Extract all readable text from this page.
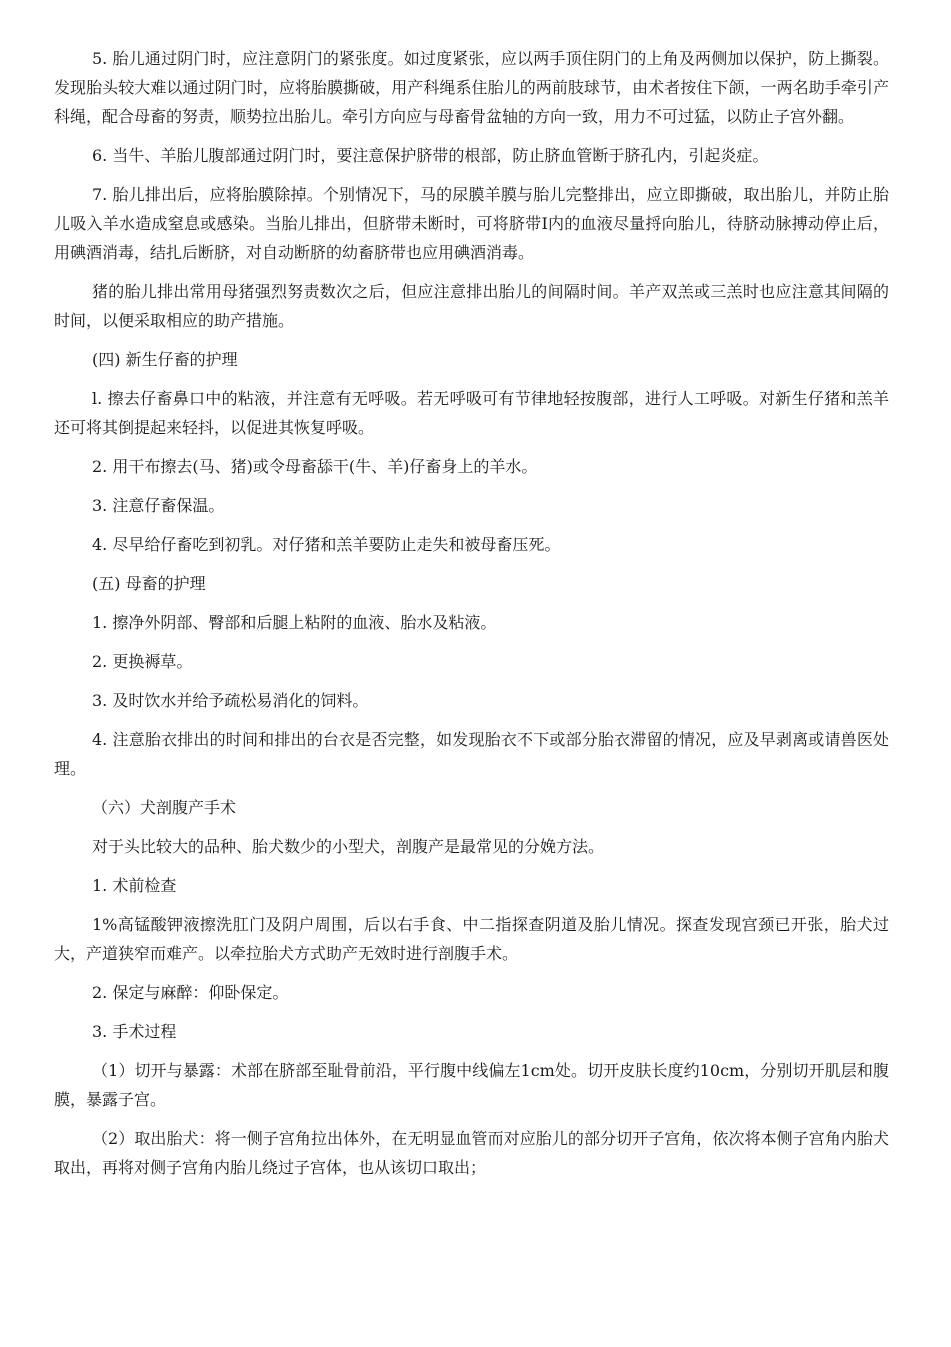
5. 胎儿通过阴门时，应注意阴门的紧张度。如过度紧张，应以两手顶住阴门的上角及两侧加以保护，防上撕裂。发现胎头较大难以通过阴门时，应将胎膜撕破，用产科绳系住胎儿的两前肢球节，由术者按住下颌，一两名助手牵引产科绳，配合母畜的努责，顺势拉出胎儿。牵引方向应与母畜骨盆轴的方向一致，用力不可过猛，以防止子宫外翻。

6. 当牛、羊胎儿腹部通过阴门时，要注意保护脐带的根部，防止脐血管断于脐孔内，引起炎症。

7. 胎儿排出后，应将胎膜除掉。个别情况下，马的尿膜羊膜与胎儿完整排出，应立即撕破，取出胎儿，并防止胎儿吸入羊水造成窒息或感染。当胎儿排出，但脐带未断时，可将脐带I内的血液尽量捋向胎儿，待脐动脉搏动停止后，用碘酒消毒，结扎后断脐，对自动断脐的幼畜脐带也应用碘酒消毒。

猪的胎儿排出常用母猪强烈努责数次之后，但应注意排出胎儿的间隔时间。羊产双羔或三羔时也应注意其间隔的时间，以便采取相应的助产措施。

(四) 新生仔畜的护理

l. 擦去仔畜鼻口中的粘液，并注意有无呼吸。若无呼吸可有节律地轻按腹部，进行人工呼吸。对新生仔猪和羔羊还可将其倒提起来轻抖，以促进其恢复呼吸。

2. 用干布擦去(马、猪)或令母畜舔干(牛、羊)仔畜身上的羊水。

3. 注意仔畜保温。

4. 尽早给仔畜吃到初乳。对仔猪和羔羊要防止走失和被母畜压死。

(五) 母畜的护理

1. 擦净外阴部、臀部和后腿上粘附的血液、胎水及粘液。

2. 更换褥草。

3. 及时饮水并给予疏松易消化的饲料。

4. 注意胎衣排出的时间和排出的台衣是否完整，如发现胎衣不下或部分胎衣滞留的情况，应及早剥离或请兽医处理。

（六）犬剖腹产手术

对于头比较大的品种、胎犬数少的小型犬，剖腹产是最常见的分娩方法。

1. 术前检查

1%高锰酸钾液擦洗肛门及阴户周围，后以右手食、中二指探查阴道及胎儿情况。探查发现宫颈已开张，胎犬过大，产道狭窄而难产。以牵拉胎犬方式助产无效时进行剖腹手术。

2. 保定与麻醉：仰卧保定。

3. 手术过程

（1）切开与暴露：术部在脐部至耻骨前沿，平行腹中线偏左1cm处。切开皮肤长度约10cm，分别切开肌层和腹膜，暴露子宫。

（2）取出胎犬：将一侧子宫角拉出体外，在无明显血管而对应胎儿的部分切开子宫角，依次将本侧子宫角内胎犬取出，再将对侧子宫角内胎儿绕过子宫体，也从该切口取出；
